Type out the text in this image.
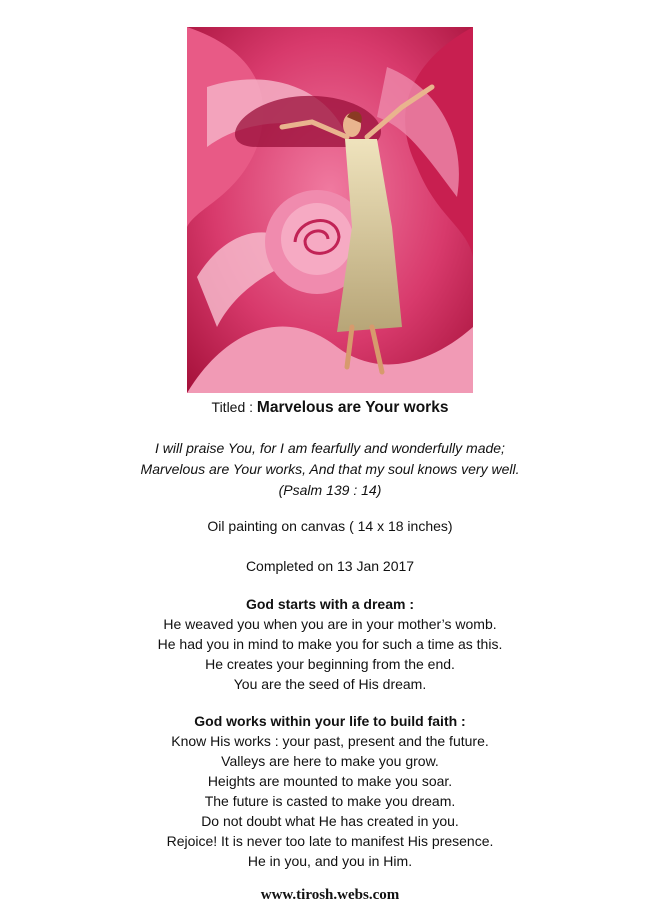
Titled : Marvelous are Your works
I will praise You, for I am fearfully and wonderfully made;
Marvelous are Your works, And that my soul knows very well.
(Psalm 139 : 14)
Oil painting on canvas ( 14 x 18 inches)
Completed on 13 Jan 2017
God starts with a dream :
He weaved you when you are in your mother’s womb.
He had you in mind to make you for such a time as this.
He creates your beginning from the end.
You are the seed of His dream.
God works within your life to build faith :
Know His works : your past, present and the future.
Valleys are here to make you grow.
Heights are mounted to make you soar.
The future is casted to make you dream.
Do not doubt what He has created in you.
Rejoice! It is never too late to manifest His presence.
He in you, and you in Him.
www.tirosh.webs.com
